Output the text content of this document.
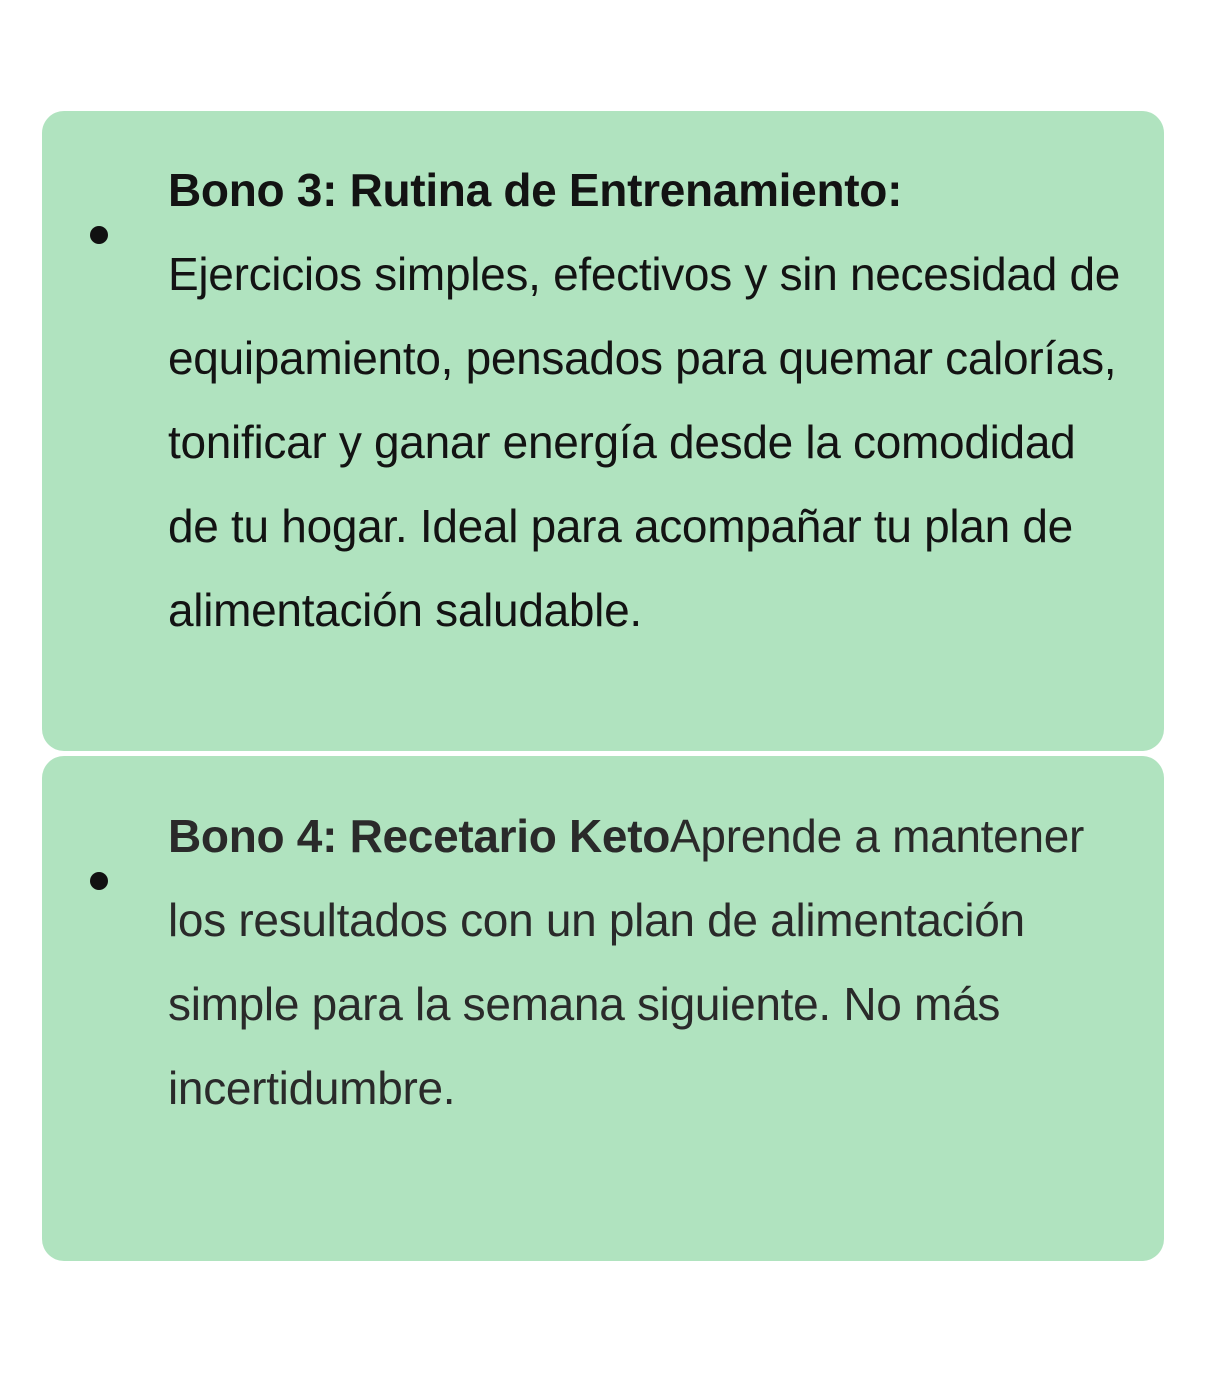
Bono 3: Rutina de Entrenamiento:
Ejercicios simples, efectivos y sin necesidad de equipamiento, pensados para quemar calorías, tonificar y ganar energía desde la comodidad de tu hogar. Ideal para acompañar tu plan de alimentación saludable.
Bono 4: Recetario KetoAprende a mantener los resultados con un plan de alimentación simple para la semana siguiente. No más incertidumbre.
